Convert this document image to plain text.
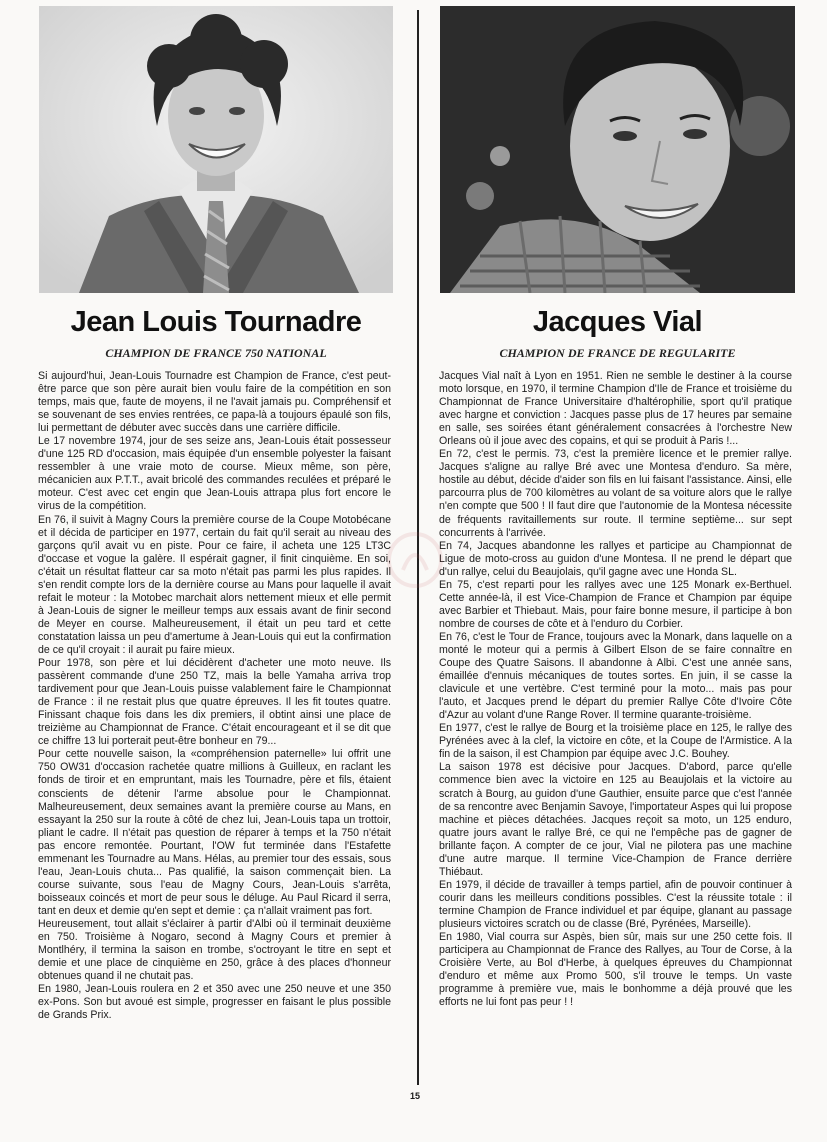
Jean Louis Tournadre
CHAMPION DE FRANCE 750 NATIONAL

Si aujourd'hui, Jean-Louis Tournadre est Champion de France, c'est peut-être parce que son père aurait bien voulu faire de la compétition en son temps, mais que, faute de moyens, il ne l'avait jamais pu. Compréhensif et se souvenant de ses envies rentrées, ce papa-là a toujours épaulé son fils, lui permettant de débuter avec succès dans une carrière difficile.

Le 17 novembre 1974, jour de ses seize ans, Jean-Louis était possesseur d'une 125 RD d'occasion, mais équipée d'un ensemble polyester la faisant ressembler à une vraie moto de course. Mieux même, son père, mécanicien aux P.T.T., avait bricolé des commandes reculées et préparé le moteur. C'est avec cet engin que Jean-Louis attrapa plus fort encore le virus de la compétition.

En 76, il suivit à Magny Cours la première course de la Coupe Motobécane et il décida de participer en 1977, certain du fait qu'il serait au niveau des garçons qu'il avait vu en piste. Pour ce faire, il acheta une 125 LT3C d'occase et vogue la galère. Il espérait gagner, il finit cinquième. En soi, c'était un résultat flatteur car sa moto n'était pas parmi les plus rapides. Il s'en rendit compte lors de la dernière course au Mans pour laquelle il avait refait le moteur : la Motobec marchait alors nettement mieux et elle permit à Jean-Louis de signer le meilleur temps aux essais avant de finir second de Meyer en course. Malheureusement, il était un peu tard et cette constatation laissa un peu d'amertume à Jean-Louis qui eut la confirmation de ce qu'il croyait : il aurait pu faire mieux.

Pour 1978, son père et lui décidèrent d'acheter une moto neuve. Ils passèrent commande d'une 250 TZ, mais la belle Yamaha arriva trop tardivement pour que Jean-Louis puisse valablement faire le Championnat de France : il ne restait plus que quatre épreuves. Il les fit toutes quatre. Finissant chaque fois dans les dix premiers, il obtint ainsi une place de treizième au Championnat de France. C'était encourageant et il se dit que ce chiffre 13 lui porterait peut-être bonheur en 79...

Pour cette nouvelle saison, la «compréhension paternelle» lui offrit une 750 OW31 d'occasion rachetée quatre millions à Guilleux, en raclant les fonds de tiroir et en empruntant, mais les Tournadre, père et fils, étaient conscients de détenir l'arme absolue pour le Championnat. Malheureusement, deux semaines avant la première course au Mans, en essayant la 250 sur la route à côté de chez lui, Jean-Louis tapa un trottoir, pliant le cadre. Il n'était pas question de réparer à temps et la 750 n'était pas encore remontée. Pourtant, l'OW fut terminée dans l'Estafette emmenant les Tournadre au Mans. Hélas, au premier tour des essais, sous l'eau, Jean-Louis chuta... Pas qualifié, la saison commençait bien. La course suivante, sous l'eau de Magny Cours, Jean-Louis s'arrêta, boisseaux coincés et mort de peur sous le déluge. Au Paul Ricard il serra, tant en deux et demie qu'en sept et demie : ça n'allait vraiment pas fort.

Heureusement, tout allait s'éclairer à partir d'Albi où il terminait deuxième en 750. Troisième à Nogaro, second à Magny Cours et premier à Montlhéry, il termina la saison en trombe, s'octroyant le titre en sept et demie et une place de cinquième en 250, grâce à des places d'honneur obtenues quand il ne chutait pas.

En 1980, Jean-Louis roulera en 2 et 350 avec une 250 neuve et une 350 ex-Pons. Son but avoué est simple, progresser en faisant le plus possible de Grands Prix.

Jacques Vial
CHAMPION DE FRANCE DE REGULARITE

Jacques Vial naît à Lyon en 1951. Rien ne semble le destiner à la course moto lorsque, en 1970, il termine Champion d'Ile de France et troisième du Championnat de France Universitaire d'haltérophilie, sport qu'il pratique avec hargne et conviction : Jacques passe plus de 17 heures par semaine en salle, ses soirées étant généralement consacrées à l'orchestre New Orleans où il joue avec des copains, et qui se produit à Paris !...

En 72, c'est le permis. 73, c'est la première licence et le premier rallye. Jacques s'aligne au rallye Bré avec une Montesa d'enduro. Sa mère, hostile au début, décide d'aider son fils en lui faisant l'assistance. Ainsi, elle parcourra plus de 700 kilomètres au volant de sa voiture alors que le rallye n'en compte que 500 ! Il faut dire que l'autonomie de la Montesa nécessite de fréquents ravitaillements sur route. Il termine septième... sur sept concurrents à l'arrivée.

En 74, Jacques abandonne les rallyes et participe au Championnat de Ligue de moto-cross au guidon d'une Montesa. Il ne prend le départ que d'un rallye, celui du Beaujolais, qu'il gagne avec une Honda SL.

En 75, c'est reparti pour les rallyes avec une 125 Monark ex-Berthuel. Cette année-là, il est Vice-Champion de France et Champion par équipe avec Barbier et Thiebaut. Mais, pour faire bonne mesure, il participe à bon nombre de courses de côte et à l'enduro du Corbier.

En 76, c'est le Tour de France, toujours avec la Monark, dans laquelle on a monté le moteur qui a permis à Gilbert Elson de se faire connaître en Coupe des Quatre Saisons. Il abandonne à Albi. C'est une année sans, émaillée d'ennuis mécaniques de toutes sortes. En juin, il se casse la clavicule et une vertèbre. C'est terminé pour la moto... mais pas pour l'auto, et Jacques prend le départ du premier Rallye Côte d'Ivoire Côte d'Azur au volant d'une Range Rover. Il termine quarante-troisième.

En 1977, c'est le rallye de Bourg et la troisième place en 125, le rallye des Pyrénées avec à la clef, la victoire en côte, et la Coupe de l'Armistice. A la fin de la saison, il est Champion par équipe avec J.C. Bouhey.

La saison 1978 est décisive pour Jacques. D'abord, parce qu'elle commence bien avec la victoire en 125 au Beaujolais et la victoire au scratch à Bourg, au guidon d'une Gauthier, ensuite parce que c'est l'année de sa rencontre avec Benjamin Savoye, l'importateur Aspes qui lui propose machine et pièces détachées. Jacques reçoit sa moto, un 125 enduro, quatre jours avant le rallye Bré, ce qui ne l'empêche pas de gagner de brillante façon. A compter de ce jour, Vial ne pilotera pas une machine d'une autre marque. Il termine Vice-Champion de France derrière Thiébaut.

En 1979, il décide de travailler à temps partiel, afin de pouvoir continuer à courir dans les meilleurs conditions possibles. C'est la réussite totale : il termine Champion de France individuel et par équipe, glanant au passage plusieurs victoires scratch ou de classe (Bré, Pyrénées, Marseille).

En 1980, Vial courra sur Aspès, bien sûr, mais sur une 250 cette fois. Il participera au Championnat de France des Rallyes, au Tour de Corse, à la Croisière Verte, au Bol d'Herbe, à quelques épreuves du Championnat d'enduro et même aux Promo 500, s'il trouve le temps. Un vaste programme à première vue, mais le bonhomme a déjà prouvé que les efforts ne lui font pas peur ! !

15
